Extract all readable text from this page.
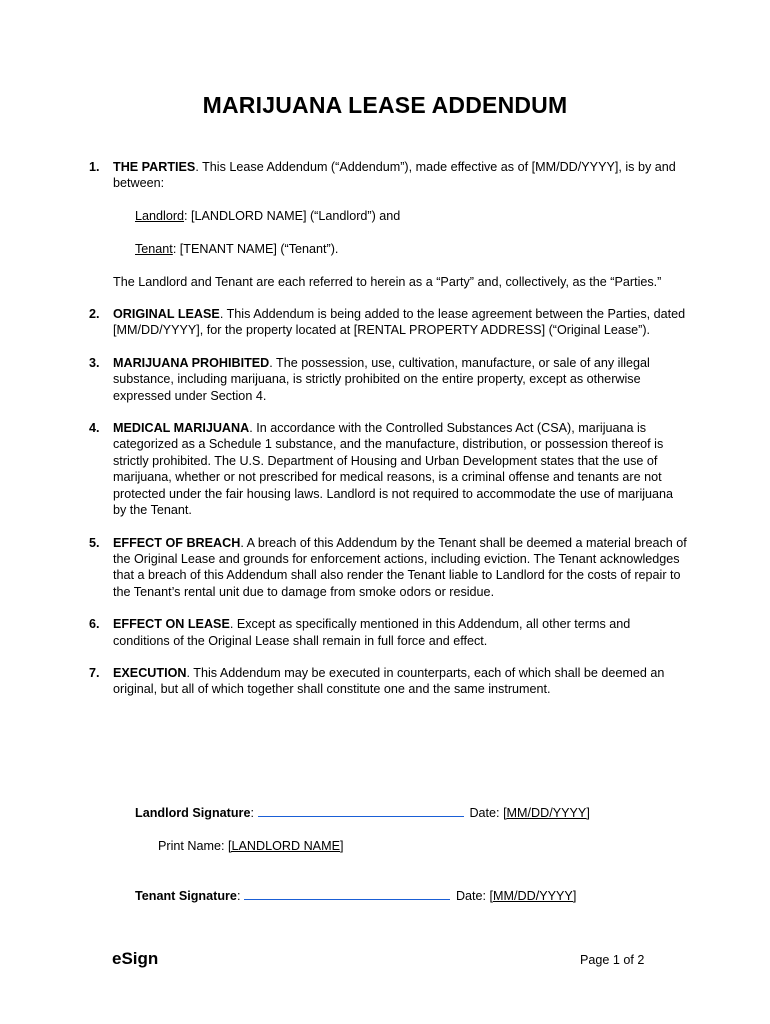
MARIJUANA LEASE ADDENDUM
1.	THE PARTIES. This Lease Addendum (“Addendum”), made effective as of [MM/DD/YYYY], is by and between:

Landlord: [LANDLORD NAME] (“Landlord”) and

Tenant: [TENANT NAME] (“Tenant”).

The Landlord and Tenant are each referred to herein as a “Party” and, collectively, as the “Parties.”

2.	ORIGINAL LEASE. This Addendum is being added to the lease agreement between the Parties, dated [MM/DD/YYYY], for the property located at [RENTAL PROPERTY ADDRESS] (“Original Lease”).
3.	MARIJUANA PROHIBITED. The possession, use, cultivation, manufacture, or sale of any illegal substance, including marijuana, is strictly prohibited on the entire property, except as otherwise expressed under Section 4.
4.	MEDICAL MARIJUANA. In accordance with the Controlled Substances Act (CSA), marijuana is categorized as a Schedule 1 substance, and the manufacture, distribution, or possession thereof is strictly prohibited. The U.S. Department of Housing and Urban Development states that the use of marijuana, whether or not prescribed for medical reasons, is a criminal offense and tenants are not protected under the fair housing laws. Landlord is not required to accommodate the use of marijuana by the Tenant.
5.	EFFECT OF BREACH. A breach of this Addendum by the Tenant shall be deemed a material breach of the Original Lease and grounds for enforcement actions, including eviction. The Tenant acknowledges that a breach of this Addendum shall also render the Tenant liable to Landlord for the costs of repair to the Tenant’s rental unit due to damage from smoke odors or residue.
6.	EFFECT ON LEASE. Except as specifically mentioned in this Addendum, all other terms and conditions of the Original Lease shall remain in full force and effect.
7.	EXECUTION. This Addendum may be executed in counterparts, each of which shall be deemed an original, but all of which together shall constitute one and the same instrument.
Landlord Signature:	Date: [MM/DD/YYYY]
Print Name: [LANDLORD NAME]
Tenant Signature:	Date: [MM/DD/YYYY]
eSign	Page 1 of 2
